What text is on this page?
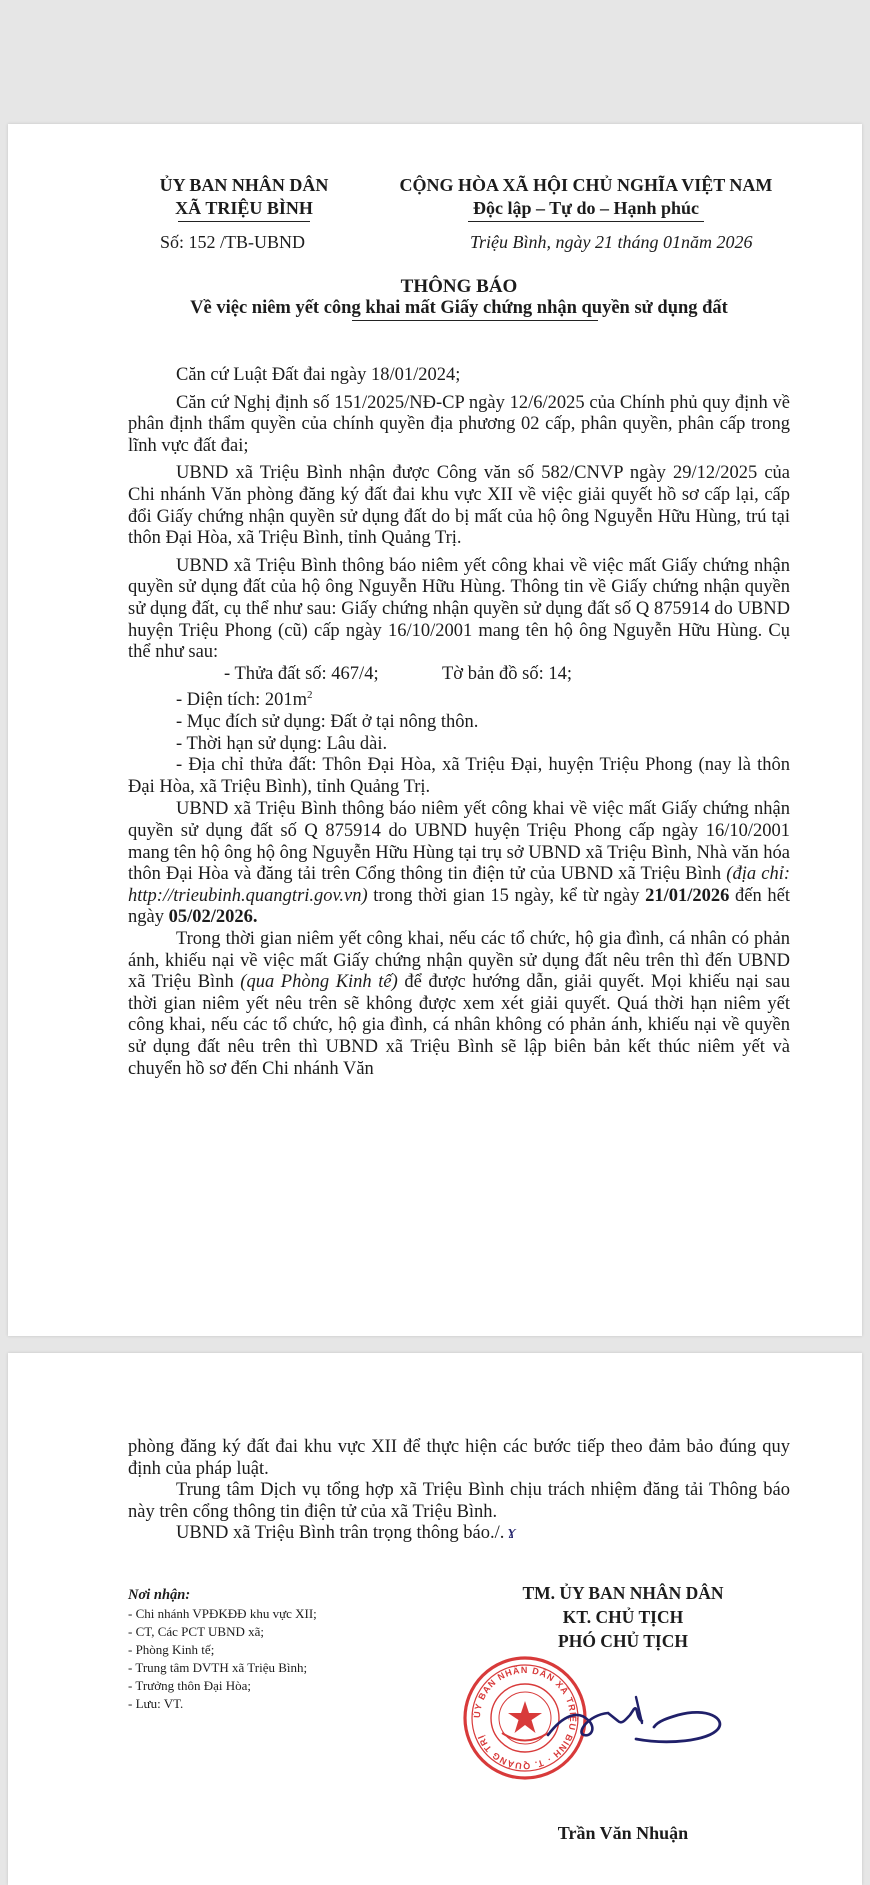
ỦY BAN NHÂN DÂN
XÃ TRIỆU BÌNH
CỘNG HÒA XÃ HỘI CHỦ NGHĨA VIỆT NAM
Độc lập – Tự do – Hạnh phúc
Số: 152 /TB-UBND	Triệu Bình, ngày 21 tháng 01năm 2026
THÔNG BÁO
Về việc niêm yết công khai mất Giấy chứng nhận quyền sử dụng đất

Căn cứ Luật Đất đai ngày 18/01/2024;

Căn cứ Nghị định số 151/2025/NĐ-CP ngày 12/6/2025 của Chính phủ quy định về phân định thẩm quyền của chính quyền địa phương 02 cấp, phân quyền, phân cấp trong lĩnh vực đất đai;

UBND xã Triệu Bình nhận được Công văn số 582/CNVP ngày 29/12/2025 của Chi nhánh Văn phòng đăng ký đất đai khu vực XII về việc giải quyết hồ sơ cấp lại, cấp đổi Giấy chứng nhận quyền sử dụng đất do bị mất của hộ ông Nguyễn Hữu Hùng, trú tại thôn Đại Hòa, xã Triệu Bình, tỉnh Quảng Trị.

UBND xã Triệu Bình thông báo niêm yết công khai về việc mất Giấy chứng nhận quyền sử dụng đất của hộ ông Nguyễn Hữu Hùng. Thông tin về Giấy chứng nhận quyền sử dụng đất, cụ thể như sau: Giấy chứng nhận quyền sử dụng đất số Q 875914 do UBND huyện Triệu Phong (cũ) cấp ngày 16/10/2001 mang tên hộ ông Nguyễn Hữu Hùng. Cụ thể như sau:

- Thửa đất số: 467/4;	Tờ bản đồ số: 14;

- Diện tích: $201m^2$

- Mục đích sử dụng: Đất ở tại nông thôn.

- Thời hạn sử dụng: Lâu dài.

- Địa chỉ thửa đất: Thôn Đại Hòa, xã Triệu Đại, huyện Triệu Phong (nay là thôn Đại Hòa, xã Triệu Bình), tỉnh Quảng Trị.

UBND xã Triệu Bình thông báo niêm yết công khai về việc mất Giấy chứng nhận quyền sử dụng đất số Q 875914 do UBND huyện Triệu Phong cấp ngày 16/10/2001 mang tên hộ ông hộ ông Nguyễn Hữu Hùng tại trụ sở UBND xã Triệu Bình, Nhà văn hóa thôn Đại Hòa và đăng tải trên Cổng thông tin điện tử của UBND xã Triệu Bình (địa chỉ: http://trieubinh.quangtri.gov.vn) trong thời gian 15 ngày, kể từ ngày 21/01/2026 đến hết ngày 05/02/2026.

Trong thời gian niêm yết công khai, nếu các tổ chức, hộ gia đình, cá nhân có phản ánh, khiếu nại về việc mất Giấy chứng nhận quyền sử dụng đất nêu trên thì đến UBND xã Triệu Bình (qua Phòng Kinh tế) để được hướng dẫn, giải quyết. Mọi khiếu nại sau thời gian niêm yết nêu trên sẽ không được xem xét giải quyết. Quá thời hạn niêm yết công khai, nếu các tổ chức, hộ gia đình, cá nhân không có phản ánh, khiếu nại về quyền sử dụng đất nêu trên thì UBND xã Triệu Bình sẽ lập biên bản kết thúc niêm yết và chuyển hồ sơ đến Chi nhánh Văn

phòng đăng ký đất đai khu vực XII để thực hiện các bước tiếp theo đảm bảo đúng quy định của pháp luật.

Trung tâm Dịch vụ tổng hợp xã Triệu Bình chịu trách nhiệm đăng tải Thông báo này trên cổng thông tin điện tử của xã Triệu Bình.

UBND xã Triệu Bình trân trọng thông báo./. ɤ

Nơi nhận:
- Chi nhánh VPĐKĐĐ khu vực XII;
- CT, Các PCT UBND xã;
- Phòng Kinh tế;
- Trung tâm DVTH xã Triệu Bình;
- Trưởng thôn Đại Hòa;
- Lưu: VT.
TM. ỦY BAN NHÂN DÂN
KT. CHỦ TỊCH
PHÓ CHỦ TỊCH
ỦY BAN NHÂN DÂN XÃ TRIỆU BÌNH · T. QUẢNG TRỊ
Trần Văn Nhuận
